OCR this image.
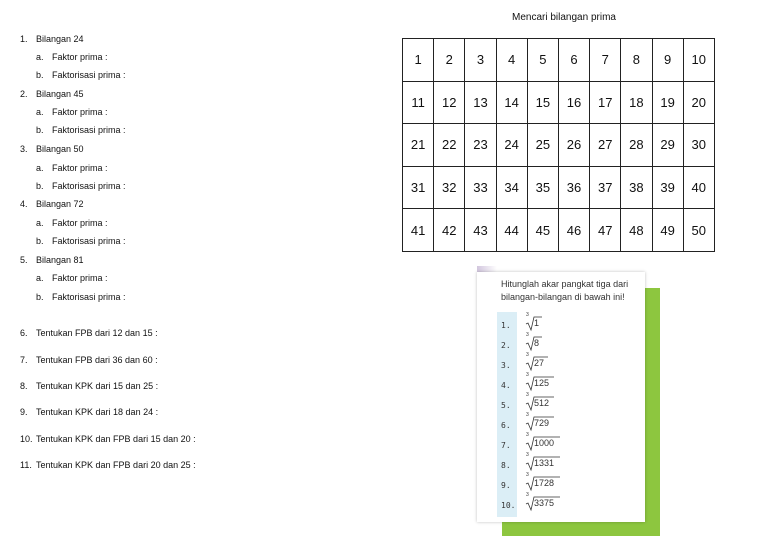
1. Bilangan 24
a. Faktor prima :
b. Faktorisasi prima :
2. Bilangan 45
a. Faktor prima :
b. Faktorisasi prima :
3. Bilangan 50
a. Faktor prima :
b. Faktorisasi prima :
4. Bilangan 72
a. Faktor prima :
b. Faktorisasi prima :
5. Bilangan 81
a. Faktor prima :
b. Faktorisasi prima :
6. Tentukan FPB dari 12 dan 15 :
7. Tentukan FPB dari 36 dan 60 :
8. Tentukan KPK dari 15 dan 25 :
9. Tentukan KPK dari 18 dan 24 :
10. Tentukan KPK dan FPB dari 15 dan 20 :
11. Tentukan KPK dan FPB dari 20 dan 25 :
Mencari bilangan prima
1	2	3	4	5	6	7	8	9	10
11	12	13	14	15	16	17	18	19	20
21	22	23	24	25	26	27	28	29	30
31	32	33	34	35	36	37	38	39	40
41	42	43	44	45	46	47	48	49	50
Hitunglah akar pangkat tiga dari bilangan-bilangan di bawah ini!
1.
3
1
2.
3
8
3.
3
27
4.
3
125
5.
3
512
6.
3
729
7.
3
1000
8.
3
1331
9.
3
1728
10.
3
3375
